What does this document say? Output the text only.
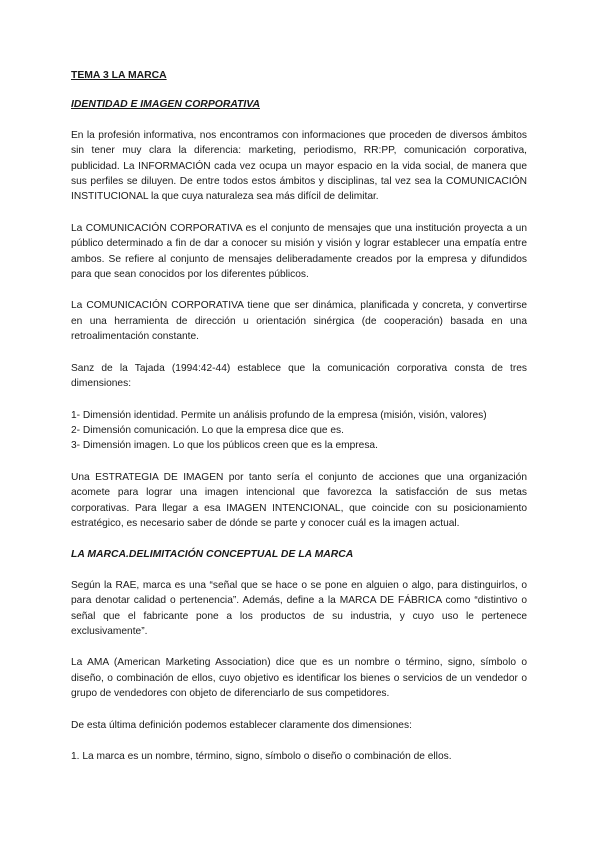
TEMA 3 LA MARCA
IDENTIDAD E IMAGEN CORPORATIVA

En la profesión informativa, nos encontramos con informaciones que proceden de diversos ámbitos sin tener muy clara la diferencia: marketing, periodismo, RR:PP, comunicación corporativa, publicidad. La INFORMACIÓN cada vez ocupa un mayor espacio en la vida social, de manera que sus perfiles se diluyen. De entre todos estos ámbitos y disciplinas, tal vez sea la COMUNICACIÓN INSTITUCIONAL la que cuya naturaleza sea más difícil de delimitar.

La COMUNICACIÓN CORPORATIVA es el conjunto de mensajes que una institución proyecta a un público determinado a fin de dar a conocer su misión y visión y lograr establecer una empatía entre ambos. Se refiere al conjunto de mensajes deliberadamente creados por la empresa y difundidos para que sean conocidos por los diferentes públicos.

La COMUNICACIÓN CORPORATIVA tiene que ser dinámica, planificada y concreta, y convertirse en una herramienta de dirección u orientación sinérgica (de cooperación) basada en una retroalimentación constante.

Sanz de la Tajada (1994:42-44) establece que la comunicación corporativa consta de tres dimensiones:

1- Dimensión identidad. Permite un análisis profundo de la empresa (misión, visión, valores)
2- Dimensión comunicación. Lo que la empresa dice que es.
3- Dimensión imagen. Lo que los públicos creen que es la empresa.

Una ESTRATEGIA DE IMAGEN por tanto sería el conjunto de acciones que una organización acomete para lograr una imagen intencional que favorezca la satisfacción de sus metas corporativas. Para llegar a esa IMAGEN INTENCIONAL, que coincide con su posicionamiento estratégico, es necesario saber de dónde se parte y conocer cuál es la imagen actual.

LA MARCA.DELIMITACIÓN CONCEPTUAL DE LA MARCA

Según la RAE, marca es una “señal que se hace o se pone en alguien o algo, para distinguirlos, o para denotar calidad o pertenencia”. Además, define a la MARCA DE FÁBRICA como “distintivo o señal que el fabricante pone a los productos de su industria, y cuyo uso le pertenece exclusivamente”.

La AMA (American Marketing Association) dice que es un nombre o término, signo, símbolo o diseño, o combinación de ellos, cuyo objetivo es identificar los bienes o servicios de un vendedor o grupo de vendedores con objeto de diferenciarlo de sus competidores.

De esta última definición podemos establecer claramente dos dimensiones:

1. La marca es un nombre, término, signo, símbolo o diseño o combinación de ellos.
